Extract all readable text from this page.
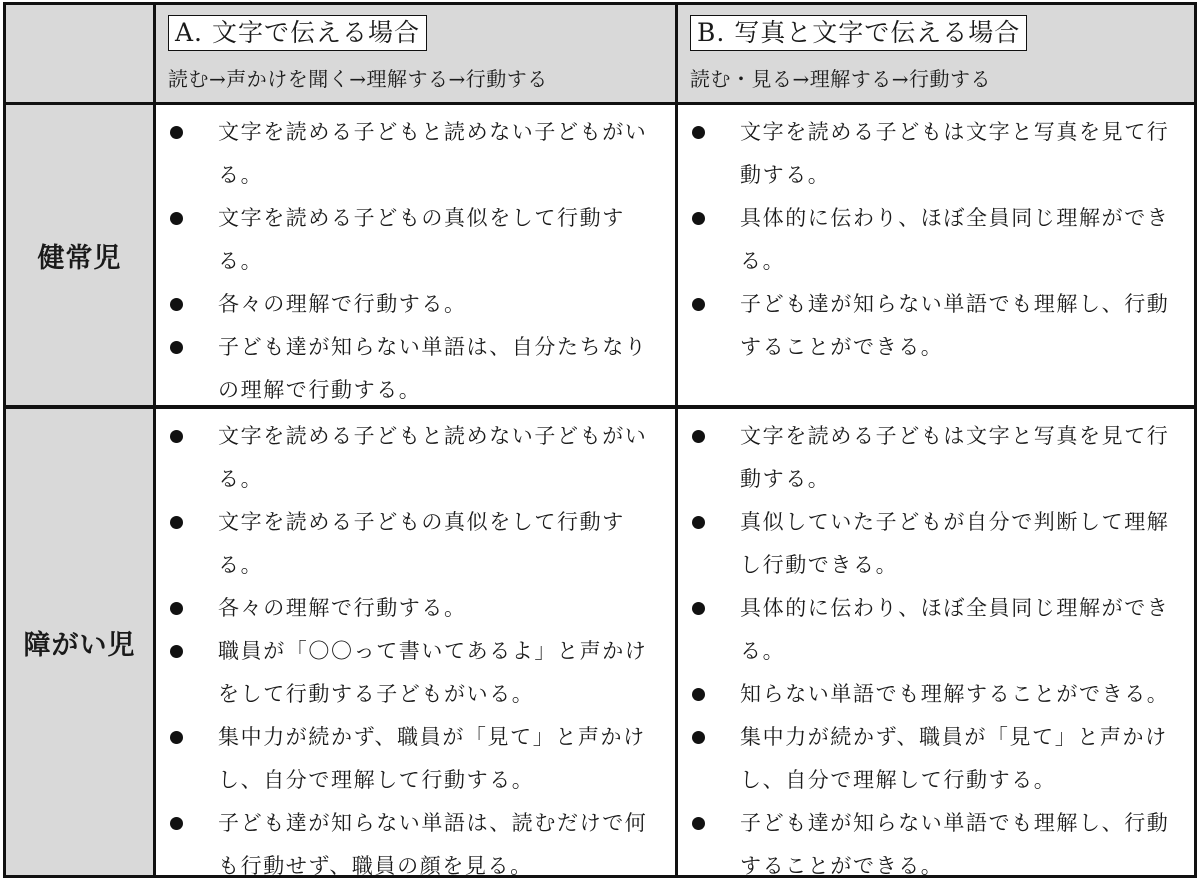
A. 文字で伝える場合
読む→声かけを聞く→理解する→行動する
B. 写真と文字で伝える場合
読む・見る→理解する→行動する
健常児
障がい児
文字を読める子どもと読めない子どもがいる。
文字を読める子どもの真似をして行動する。
各々の理解で行動する。
子ども達が知らない単語は、自分たちなりの理解で行動する。
文字を読める子どもは文字と写真を見て行動する。
具体的に伝わり、ほぼ全員同じ理解ができる。
子ども達が知らない単語でも理解し、行動することができる。
文字を読める子どもと読めない子どもがいる。
文字を読める子どもの真似をして行動する。
各々の理解で行動する。
職員が「〇〇って書いてあるよ」と声かけをして行動する子どもがいる。
集中力が続かず、職員が「見て」と声かけし、自分で理解して行動する。
子ども達が知らない単語は、読むだけで何も行動せず、職員の顔を見る。
文字を読める子どもは文字と写真を見て行動する。
真似していた子どもが自分で判断して理解し行動できる。
具体的に伝わり、ほぼ全員同じ理解ができる。
知らない単語でも理解することができる。
集中力が続かず、職員が「見て」と声かけし、自分で理解して行動する。
子ども達が知らない単語でも理解し、行動することができる。
